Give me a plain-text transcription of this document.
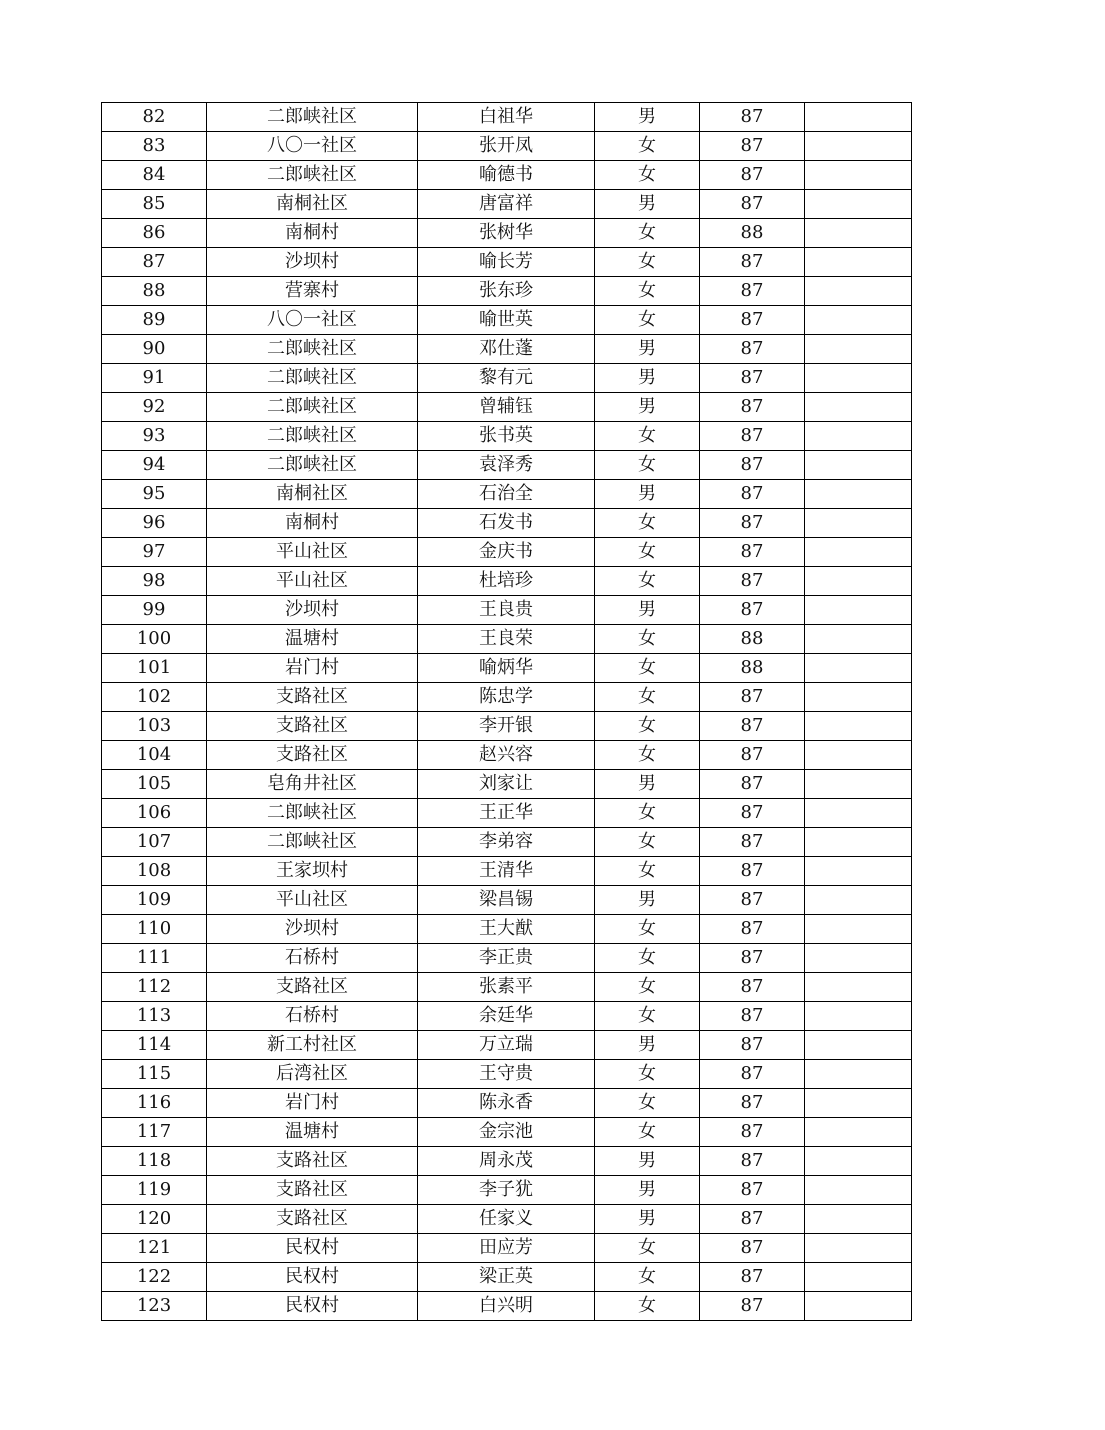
82	二郎峡社区	白祖华	男	87	
83	八〇一社区	张开凤	女	87	
84	二郎峡社区	喻德书	女	87	
85	南桐社区	唐富祥	男	87	
86	南桐村	张树华	女	88	
87	沙坝村	喻长芳	女	87	
88	营寨村	张东珍	女	87	
89	八〇一社区	喻世英	女	87	
90	二郎峡社区	邓仕蓬	男	87	
91	二郎峡社区	黎有元	男	87	
92	二郎峡社区	曾辅钰	男	87	
93	二郎峡社区	张书英	女	87	
94	二郎峡社区	袁泽秀	女	87	
95	南桐社区	石治全	男	87	
96	南桐村	石发书	女	87	
97	平山社区	金庆书	女	87	
98	平山社区	杜培珍	女	87	
99	沙坝村	王良贵	男	87	
100	温塘村	王良荣	女	88	
101	岩门村	喻炳华	女	88	
102	支路社区	陈忠学	女	87	
103	支路社区	李开银	女	87	
104	支路社区	赵兴容	女	87	
105	皂角井社区	刘家让	男	87	
106	二郎峡社区	王正华	女	87	
107	二郎峡社区	李弟容	女	87	
108	王家坝村	王清华	女	87	
109	平山社区	梁昌锡	男	87	
110	沙坝村	王大猷	女	87	
111	石桥村	李正贵	女	87	
112	支路社区	张素平	女	87	
113	石桥村	余廷华	女	87	
114	新工村社区	万立瑞	男	87	
115	后湾社区	王守贵	女	87	
116	岩门村	陈永香	女	87	
117	温塘村	金宗池	女	87	
118	支路社区	周永茂	男	87	
119	支路社区	李子犹	男	87	
120	支路社区	任家义	男	87	
121	民权村	田应芳	女	87	
122	民权村	梁正英	女	87	
123	民权村	白兴明	女	87	
